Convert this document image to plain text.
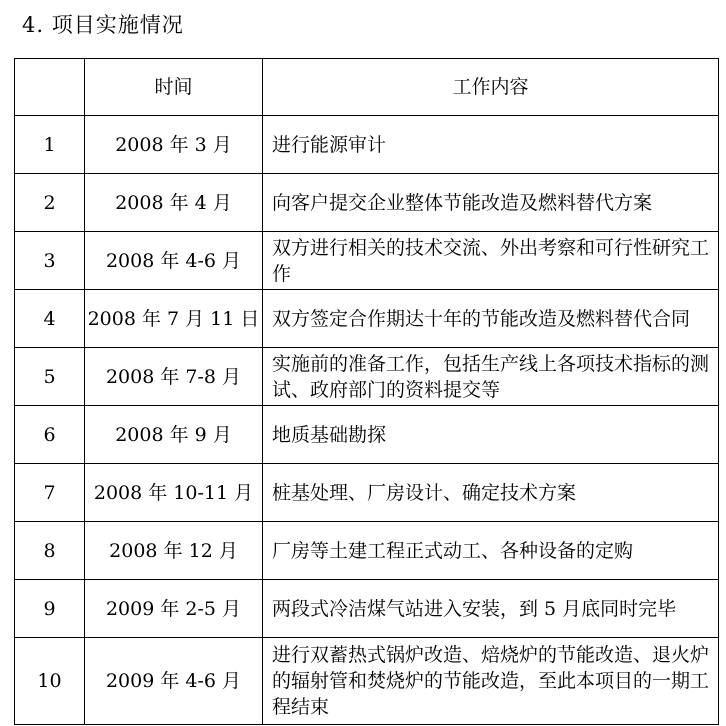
4. 项目实施情况
	时间	工作内容
1	2008 年 3 月	进行能源审计
2	2008 年 4 月	向客户提交企业整体节能改造及燃料替代方案
3	2008 年 4-6 月	双方进行相关的技术交流、外出考察和可行性研究工作
4	2008 年 7 月 11 日	双方签定合作期达十年的节能改造及燃料替代合同
5	2008 年 7-8 月	实施前的准备工作，包括生产线上各项技术指标的测试、政府部门的资料提交等
6	2008 年 9 月	地质基础勘探
7	2008 年 10-11 月	桩基处理、厂房设计、确定技术方案
8	2008 年 12 月	厂房等土建工程正式动工、各种设备的定购
9	2009 年 2-5 月	两段式冷洁煤气站进入安装，到 5 月底同时完毕
10	2009 年 4-6 月	进行双蓄热式锅炉改造、焙烧炉的节能改造、退火炉的辐射管和焚烧炉的节能改造，至此本项目的一期工程结束
